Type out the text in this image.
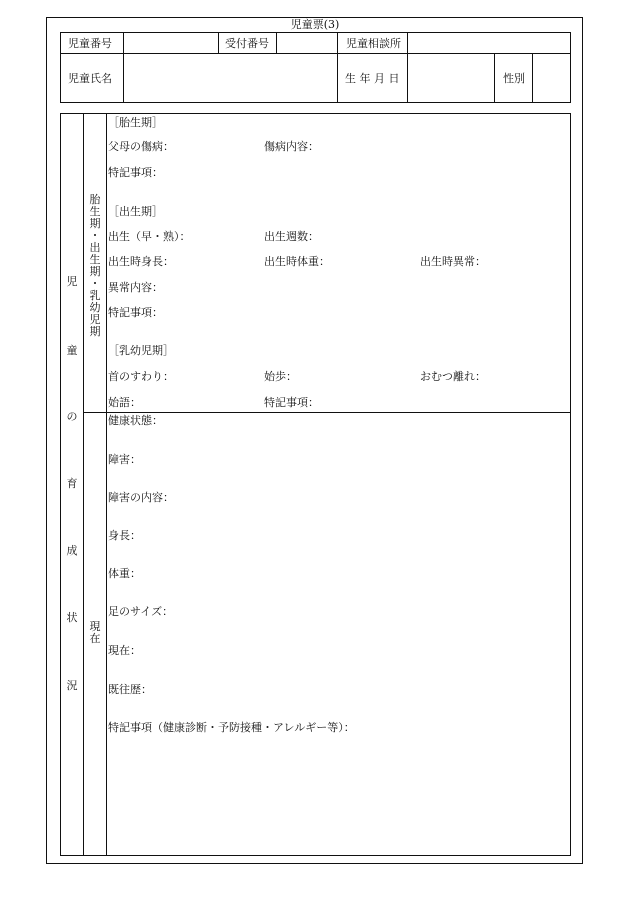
児童票(3)
児童番号	受付番号	児童相談所
児童氏名	生 年 月 日	性別
児
童
の
育
成
状
況
胎
生
期
・
出
生
期
・
乳
幼
児
期
現
在
［胎生期］
父母の傷病：	傷病内容：
特記事項：
［出生期］
出生（早・熟）：	出生週数：
出生時身長：	出生時体重：	出生時異常：
異常内容：
特記事項：
［乳幼児期］
首のすわり：	始歩：	おむつ離れ：
始語：	特記事項：
健康状態：
障害：
障害の内容：
身長：
体重：
足のサイズ：
現在：
既往歴：
特記事項（健康診断・予防接種・アレルギー等）：
